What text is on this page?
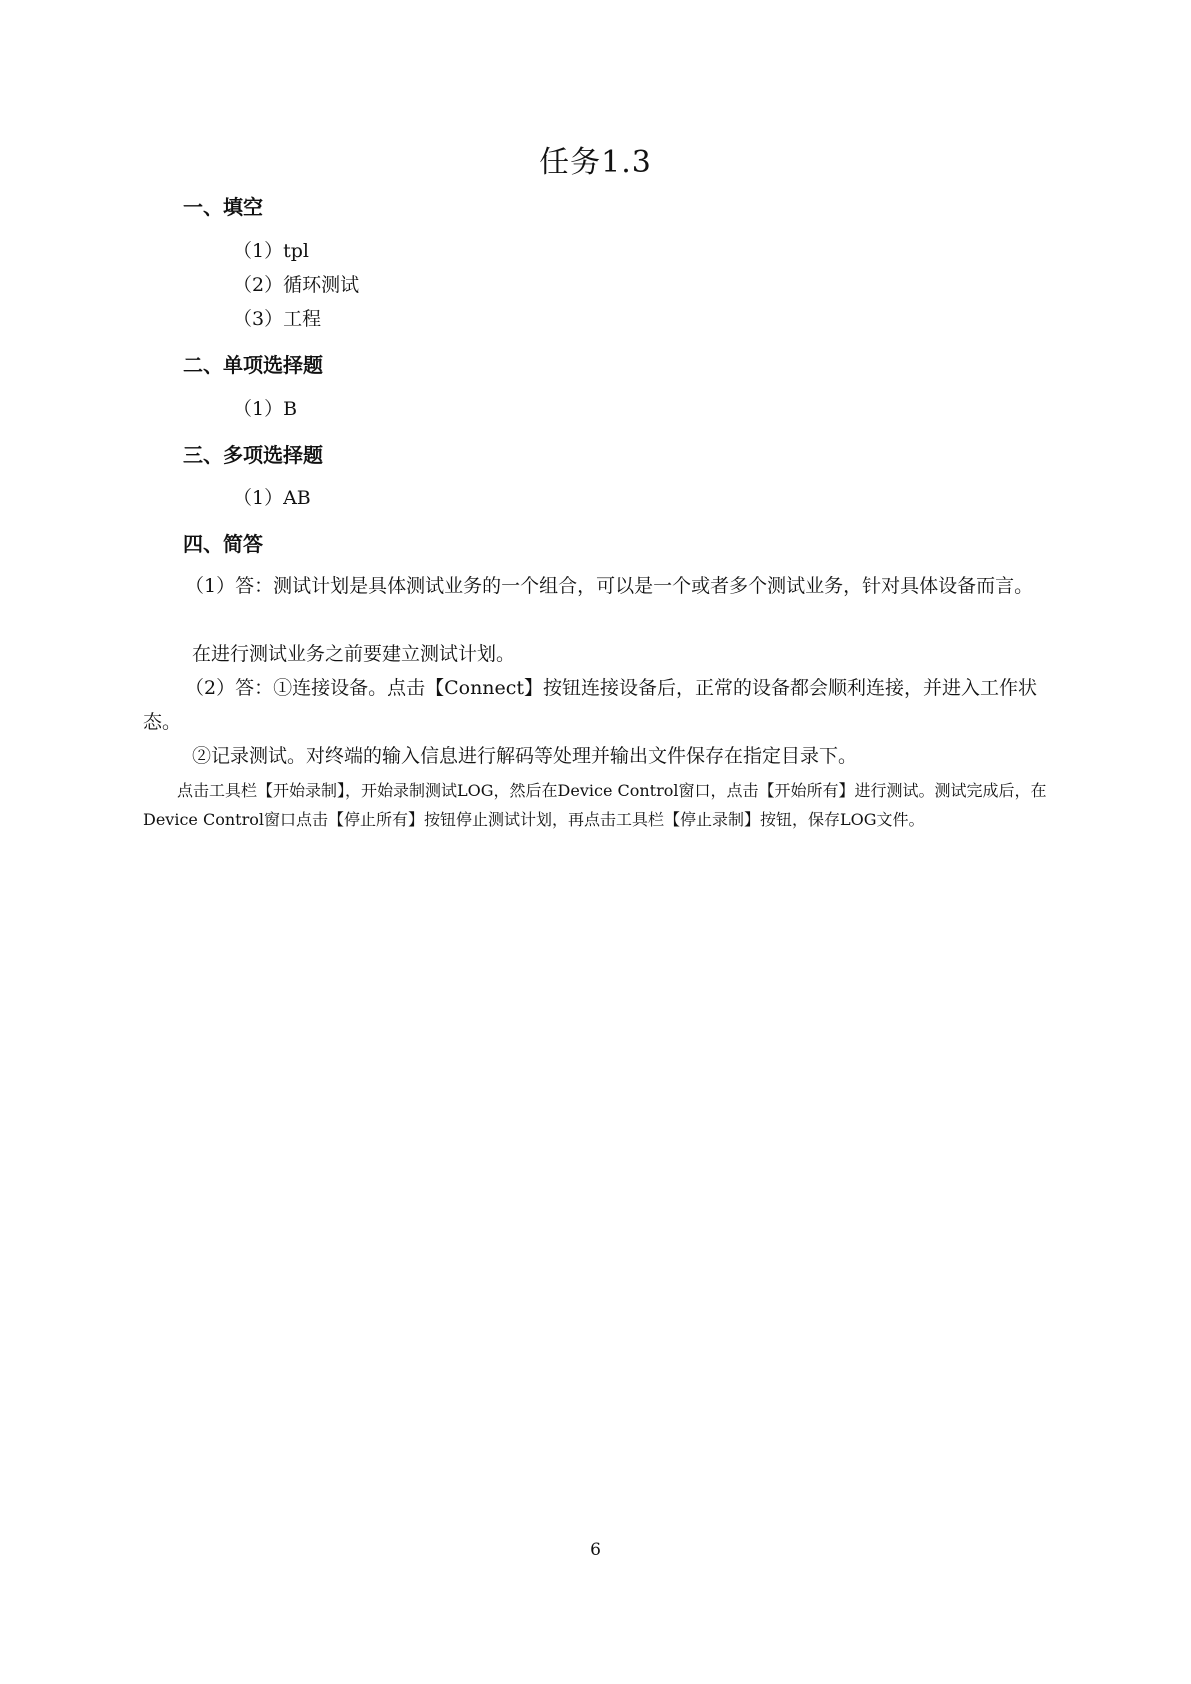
任务1.3
一、填空

（1）tpl

（2）循环测试

（3）工程

二、单项选择题

（1）B

三、多项选择题

（1）AB

四、简答

（1）答：测试计划是具体测试业务的一个组合，可以是一个或者多个测试业务，针对具体设备而言。

在进行测试业务之前要建立测试计划。

（2）答：①连接设备。点击【Connect】按钮连接设备后，正常的设备都会顺利连接，并进入工作状态。

②记录测试。对终端的输入信息进行解码等处理并输出文件保存在指定目录下。

点击工具栏【开始录制】，开始录制测试LOG，然后在Device Control窗口，点击【开始所有】进行测试。测试完成后，在Device Control窗口点击【停止所有】按钮停止测试计划，再点击工具栏【停止录制】按钮，保存LOG文件。

6
